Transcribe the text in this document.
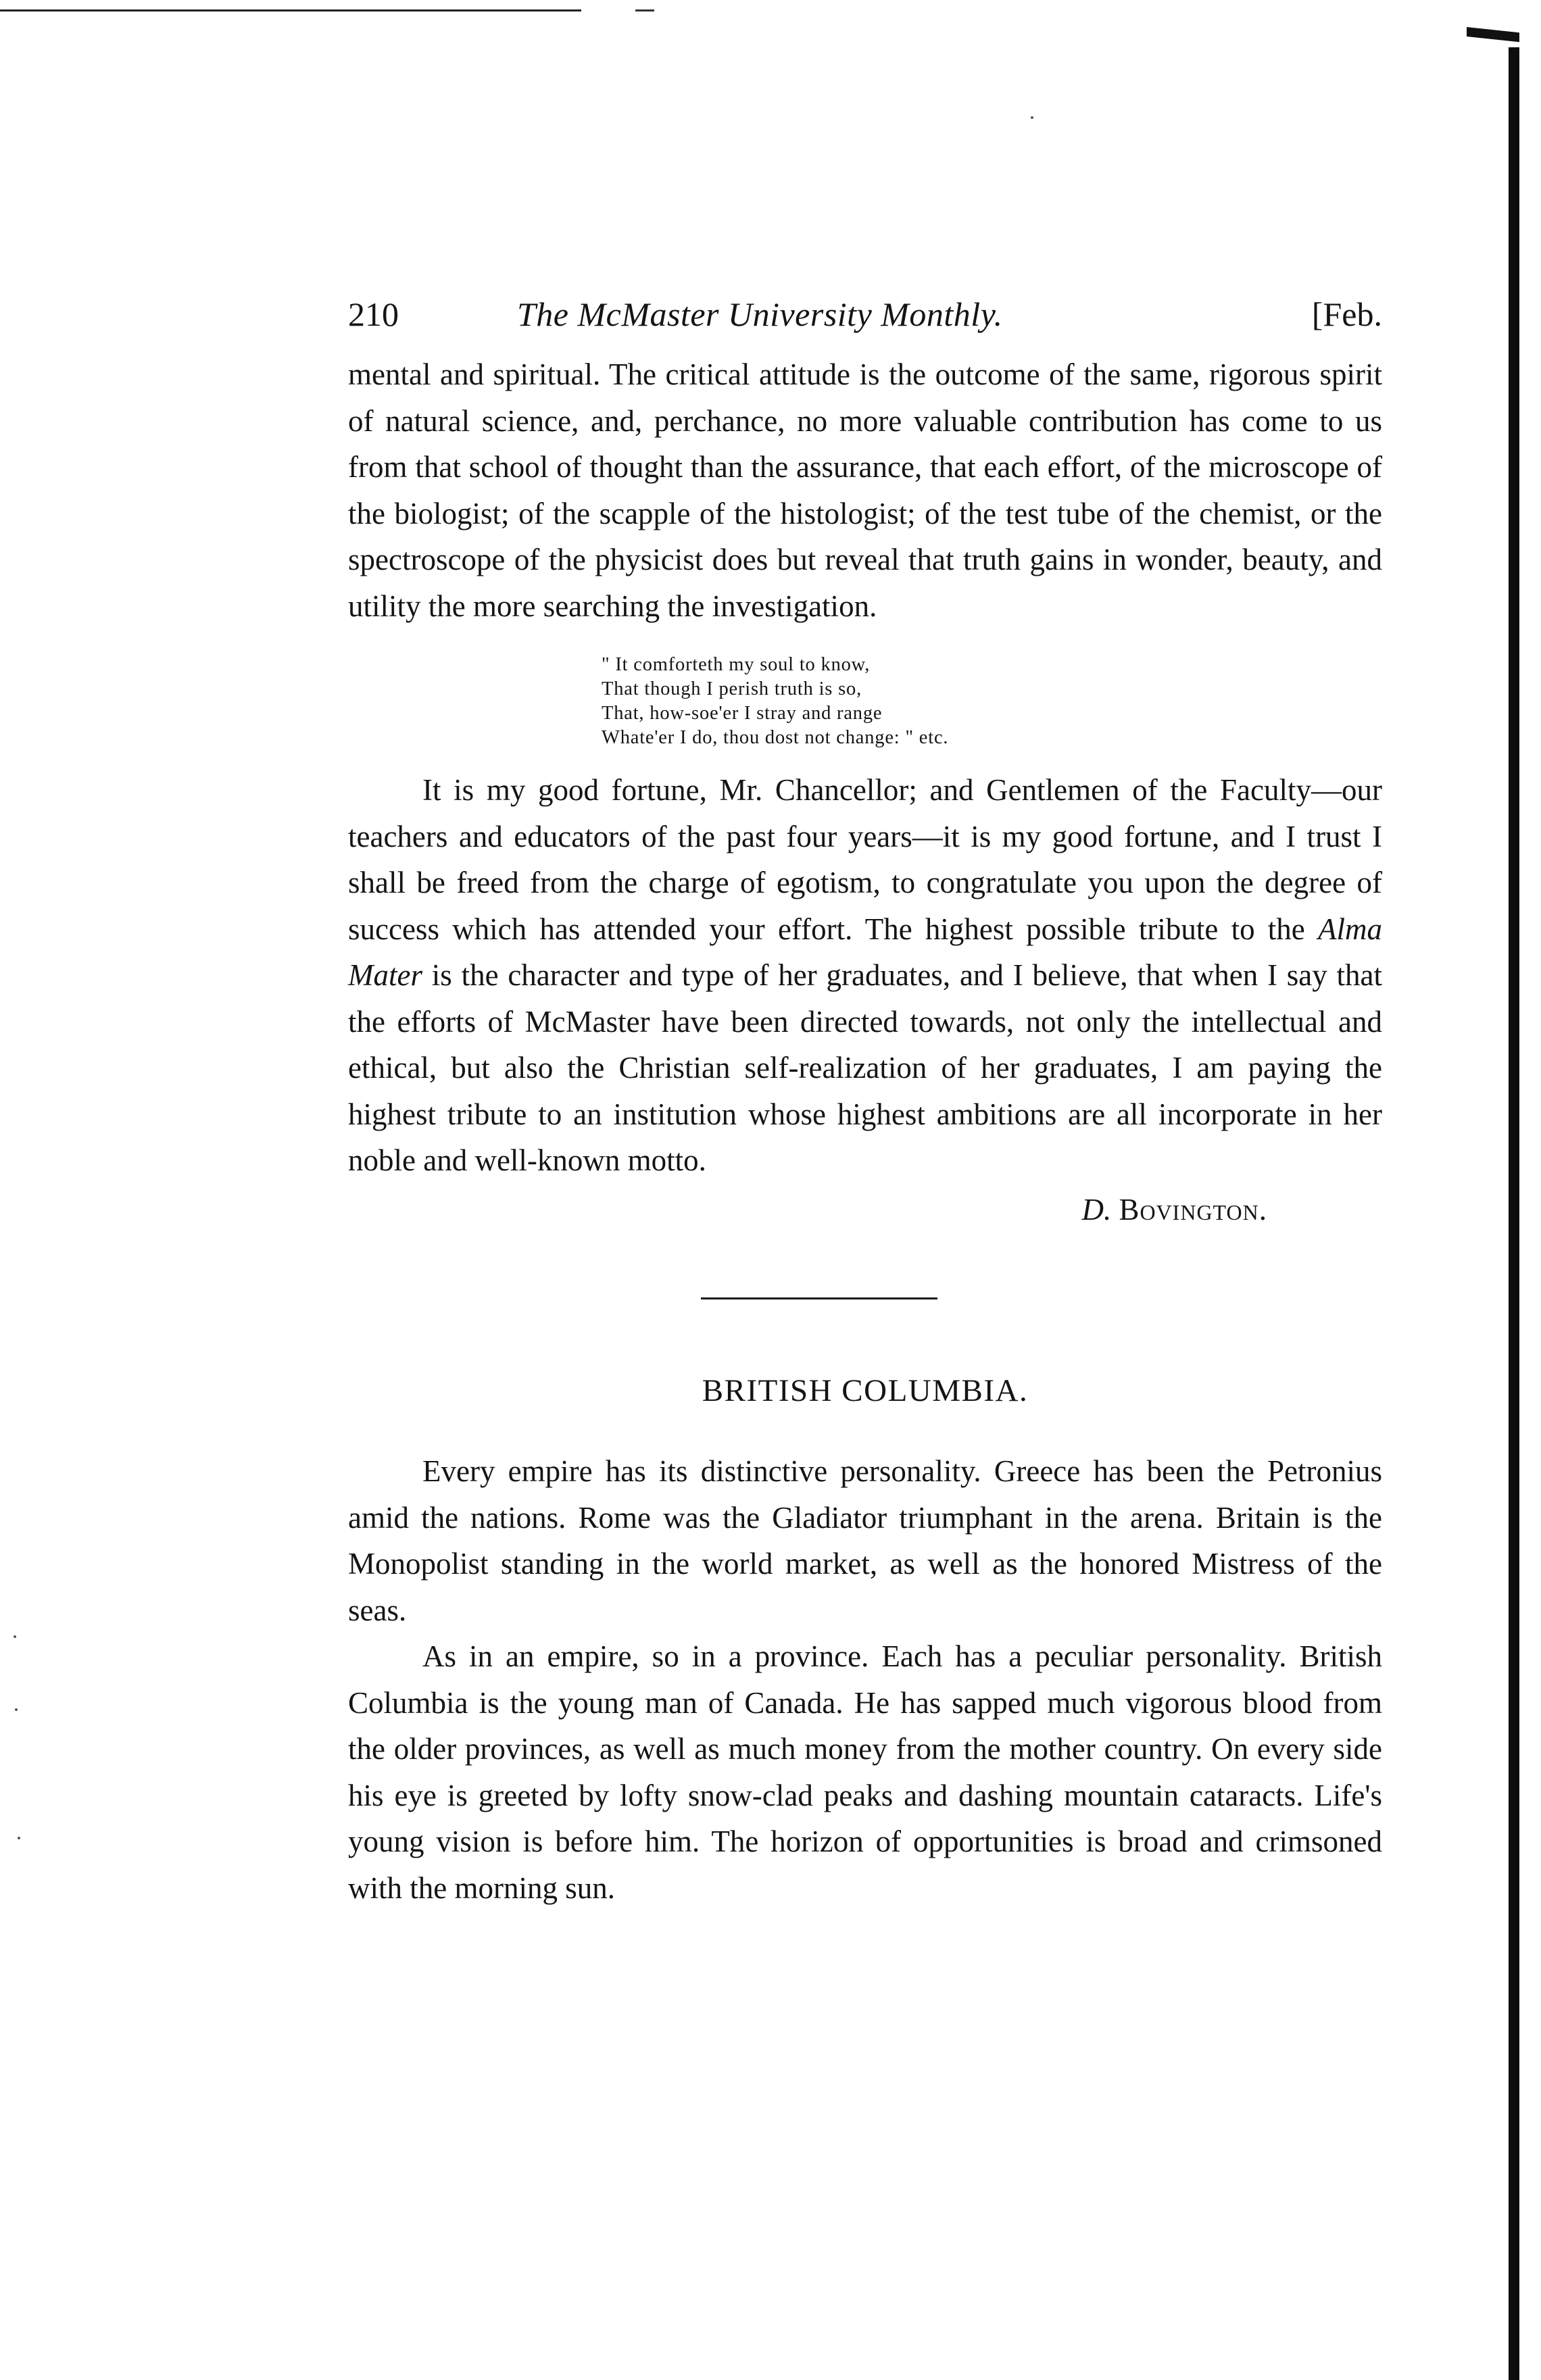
210	The McMaster University Monthly.	[Feb.

mental and spiritual. The critical attitude is the outcome of the same, rigorous spirit of natural science, and, perchance, no more valuable contribution has come to us from that school of thought than the assurance, that each effort, of the microscope of the biologist; of the scapple of the histologist; of the test tube of the chemist, or the spectroscope of the physicist does but reveal that truth gains in wonder, beauty, and utility the more searching the investigation.

" It comforteth my soul to know,
That though I perish truth is so,
That, how-soe'er I stray and range
Whate'er I do, thou dost not change: " etc.

It is my good fortune, Mr. Chancellor; and Gentlemen of the Faculty—our teachers and educators of the past four years—it is my good fortune, and I trust I shall be freed from the charge of egotism, to congratulate you upon the degree of success which has attended your effort. The highest possible tribute to the Alma Mater is the character and type of her graduates, and I believe, that when I say that the efforts of McMaster have been directed towards, not only the intellectual and ethical, but also the Christian self-realization of her graduates, I am paying the highest tribute to an institution whose highest ambitions are all incorporate in her noble and well-known motto.

D. Bovington.
BRITISH COLUMBIA.

Every empire has its distinctive personality. Greece has been the Petronius amid the nations. Rome was the Gladiator triumphant in the arena. Britain is the Monopolist standing in the world market, as well as the honored Mistress of the seas.

As in an empire, so in a province. Each has a peculiar personality. British Columbia is the young man of Canada. He has sapped much vigorous blood from the older provinces, as well as much money from the mother country. On every side his eye is greeted by lofty snow-clad peaks and dashing mountain cataracts. Life's young vision is before him. The horizon of opportunities is broad and crimsoned with the morning sun.
